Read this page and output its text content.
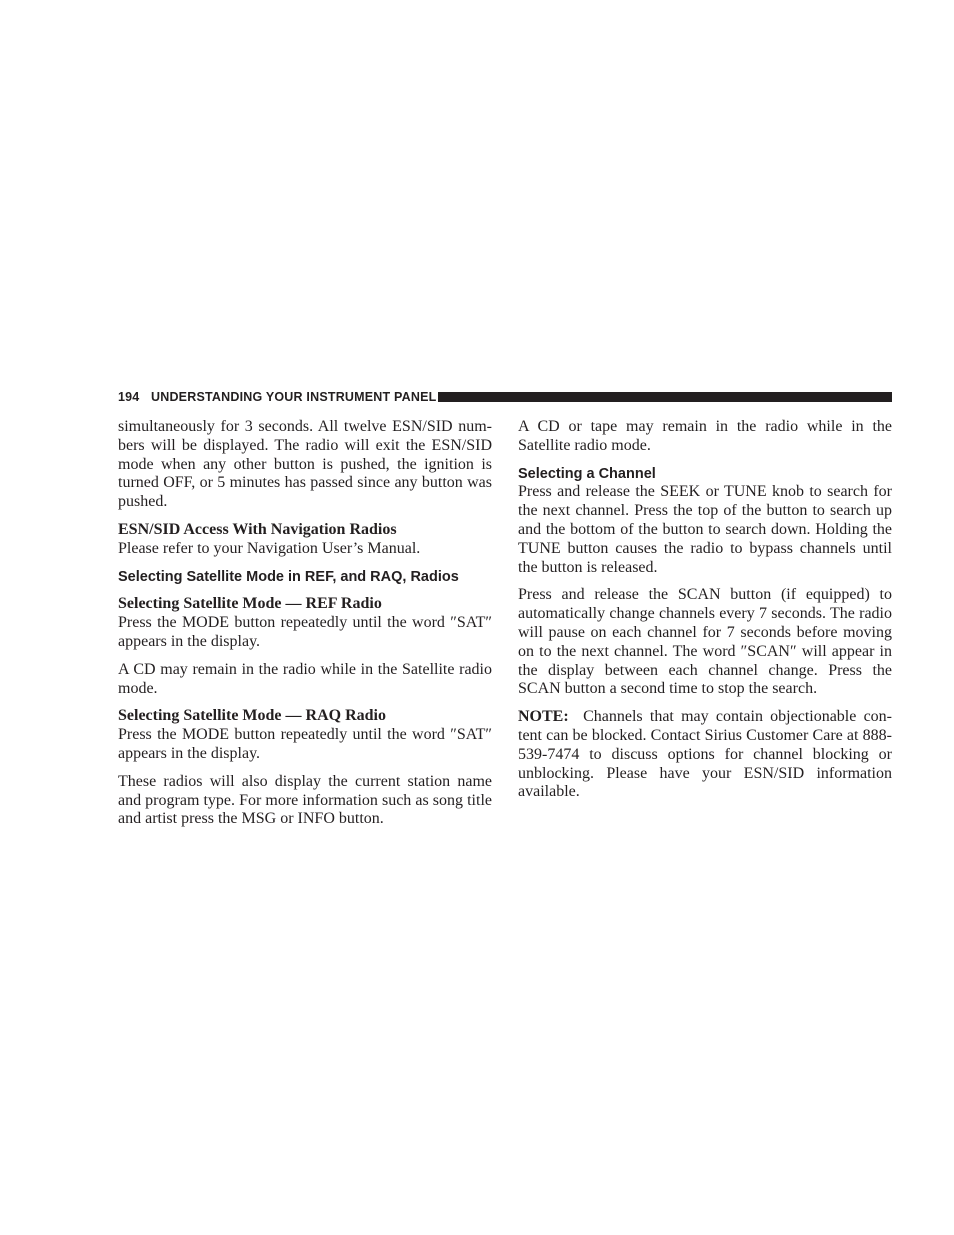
194 UNDERSTANDING YOUR INSTRUMENT PANEL

simultaneously for 3 seconds. All twelve ESN/SID num-bers will be displayed. The radio will exit the ESN/SID mode when any other button is pushed, the ignition is turned OFF, or 5 minutes has passed since any button was pushed.

ESN/SID Access With Navigation Radios

Please refer to your Navigation User’s Manual.

Selecting Satellite Mode in REF, and RAQ, Radios
Selecting Satellite Mode — REF Radio

Press the MODE button repeatedly until the word ″SAT″ appears in the display.

A CD may remain in the radio while in the Satellite radio mode.

Selecting Satellite Mode — RAQ Radio

Press the MODE button repeatedly until the word ″SAT″ appears in the display.

These radios will also display the current station name and program type. For more information such as song title and artist press the MSG or INFO button.

A CD or tape may remain in the radio while in the Satellite radio mode.

Selecting a Channel

Press and release the SEEK or TUNE knob to search for the next channel. Press the top of the button to search up and the bottom of the button to search down. Holding the TUNE button causes the radio to bypass channels until the button is released.

Press and release the SCAN button (if equipped) to automatically change channels every 7 seconds. The radio will pause on each channel for 7 seconds before moving on to the next channel. The word ″SCAN″ will appear in the display between each channel change. Press the SCAN button a second time to stop the search.

NOTE: Channels that may contain objectionable con-tent can be blocked. Contact Sirius Customer Care at 888-539-7474 to discuss options for channel blocking or unblocking. Please have your ESN/SID information available.
